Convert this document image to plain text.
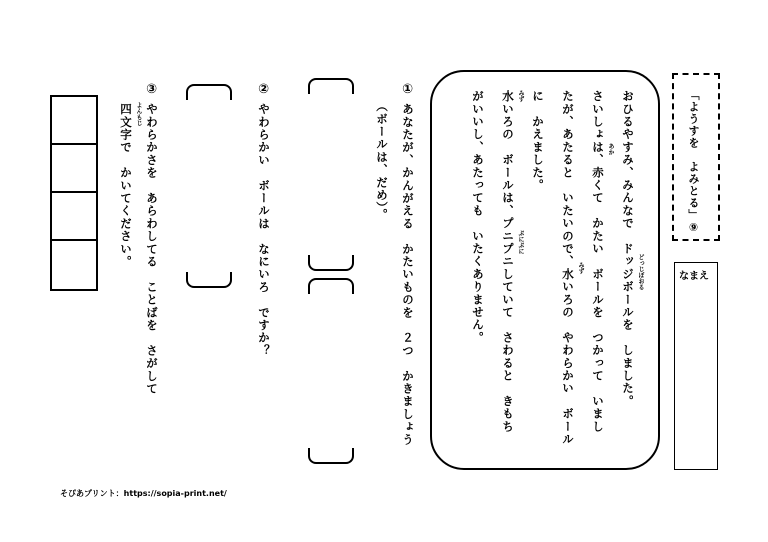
「ようすを　よみとる」⑨
なまえ
おひるやすみ、みんなで　ドッジボールを　しました。
さいしょは、赤くて　かたい　ボールを　つかって　いまし
たが、あたると　いたいので、水いろの　やわらかい　ボール
に　かえました。
水いろの　ボールは、プニプニしていて　さわると　きもち
がいいし、あたっても　いたくありません。	どっじぼおる
あか
みず
みず
ぷにぷに
①
あなたが、かんがえる　かたいものを　２つ　かきましょう
（ボールは、だめ）。
②
やわらかい　ボールは　なにいろ　ですか？
③
やわらかさを　あらわしてる　ことばを　さがして
四文字で　かいてください。 よんもじ
そぴあプリント：https://sopia-print.net/
